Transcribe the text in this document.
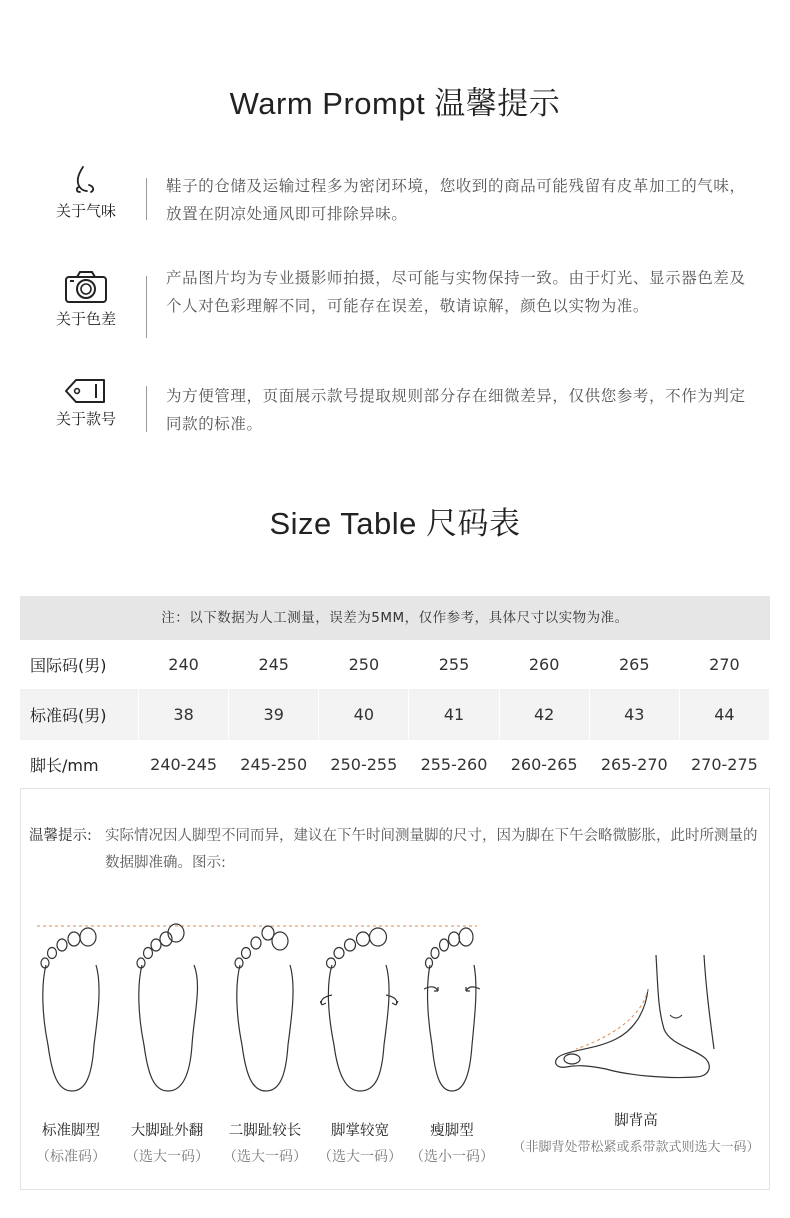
Warm Prompt 温馨提示
关于气味
鞋子的仓储及运输过程多为密闭环境，您收到的商品可能残留有皮革加工的气味，放置在阴凉处通风即可排除异味。
关于色差
产品图片均为专业摄影师拍摄，尽可能与实物保持一致。由于灯光、显示器色差及个人对色彩理解不同，可能存在误差，敬请谅解，颜色以实物为准。
关于款号
为方便管理，页面展示款号提取规则部分存在细微差异，仅供您参考，不作为判定同款的标准。
Size Table 尺码表
注：以下数据为人工测量，误差为5MM，仅作参考，具体尺寸以实物为准。
国际码(男)	240	245	250	255	260	265	270
标准码(男)	38	39	40	41	42	43	44
脚长/mm	240-245	245-250	250-255	255-260	260-265	265-270	270-275
温馨提示: 实际情况因人脚型不同而异，建议在下午时间测量脚的尺寸，因为脚在下午会略微膨胀，此时所测量的数据脚准确。图示:
标准脚型
（标准码）
大脚趾外翻
（选大一码）
二脚趾较长
（选大一码）
脚掌较宽
（选大一码）
瘦脚型
（选小一码）
脚背高
（非脚背处带松紧或系带款式则选大一码）
